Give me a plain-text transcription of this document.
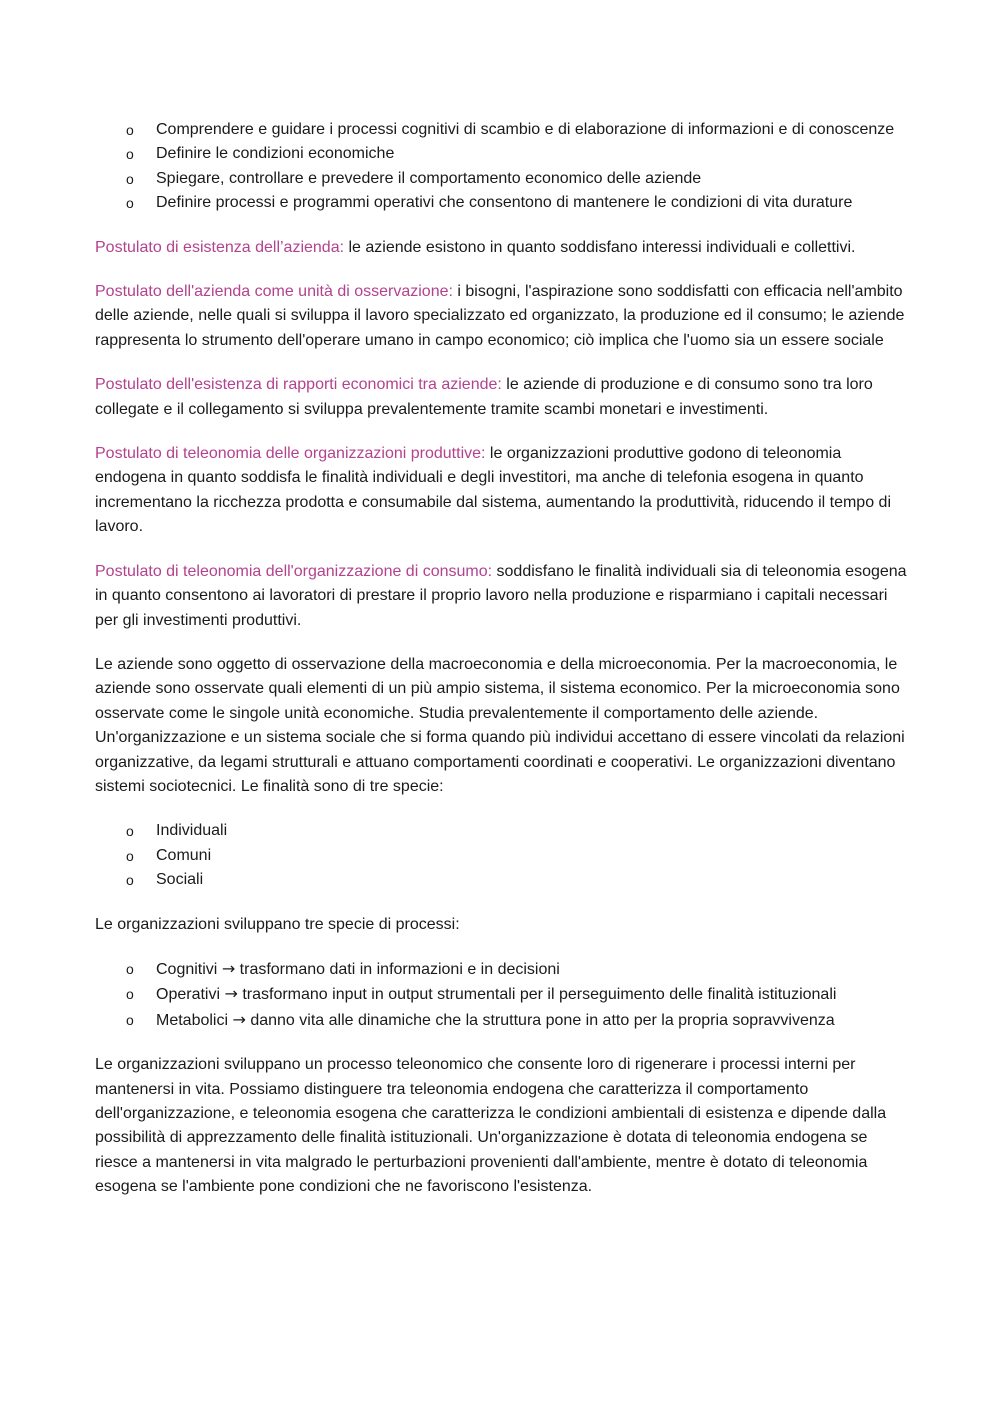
o Comprendere e guidare i processi cognitivi di scambio e di elaborazione di informazioni e di conoscenze
o Definire le condizioni economiche
o Spiegare, controllare e prevedere il comportamento economico delle aziende
o Definire processi e programmi operativi che consentono di mantenere le condizioni di vita durature

Postulato di esistenza dell’azienda: le aziende esistono in quanto soddisfano interessi individuali e collettivi.

Postulato dell'azienda come unità di osservazione: i bisogni, l'aspirazione sono soddisfatti con efficacia nell'ambito delle aziende, nelle quali si sviluppa il lavoro specializzato ed organizzato, la produzione ed il consumo; le aziende rappresenta lo strumento dell'operare umano in campo economico; ciò implica che l'uomo sia un essere sociale

Postulato dell'esistenza di rapporti economici tra aziende: le aziende di produzione e di consumo sono tra loro collegate e il collegamento si sviluppa prevalentemente tramite scambi monetari e investimenti.

Postulato di teleonomia delle organizzazioni produttive: le organizzazioni produttive godono di teleonomia endogena in quanto soddisfa le finalità individuali e degli investitori, ma anche di telefonia esogena in quanto incrementano la ricchezza prodotta e consumabile dal sistema, aumentando la produttività, riducendo il tempo di lavoro.

Postulato di teleonomia dell'organizzazione di consumo: soddisfano le finalità individuali sia di teleonomia esogena in quanto consentono ai lavoratori di prestare il proprio lavoro nella produzione e risparmiano i capitali necessari per gli investimenti produttivi.

Le aziende sono oggetto di osservazione della macroeconomia e della microeconomia. Per la macroeconomia, le aziende sono osservate quali elementi di un più ampio sistema, il sistema economico. Per la microeconomia sono osservate come le singole unità economiche. Studia prevalentemente il comportamento delle aziende.

Un'organizzazione e un sistema sociale che si forma quando più individui accettano di essere vincolati da relazioni organizzative, da legami strutturali e attuano comportamenti coordinati e cooperativi. Le organizzazioni diventano sistemi sociotecnici. Le finalità sono di tre specie:

o Individuali
o Comuni
o Sociali

Le organizzazioni sviluppano tre specie di processi:

o Cognitivi → trasformano dati in informazioni e in decisioni
o Operativi → trasformano input in output strumentali per il perseguimento delle finalità istituzionali
o Metabolici → danno vita alle dinamiche che la struttura pone in atto per la propria sopravvivenza

Le organizzazioni sviluppano un processo teleonomico che consente loro di rigenerare i processi interni per mantenersi in vita. Possiamo distinguere tra teleonomia endogena che caratterizza il comportamento dell'organizzazione, e teleonomia esogena che caratterizza le condizioni ambientali di esistenza e dipende dalla possibilità di apprezzamento delle finalità istituzionali. Un'organizzazione è dotata di teleonomia endogena se riesce a mantenersi in vita malgrado le perturbazioni provenienti dall'ambiente, mentre è dotato di teleonomia esogena se l'ambiente pone condizioni che ne favoriscono l'esistenza.
